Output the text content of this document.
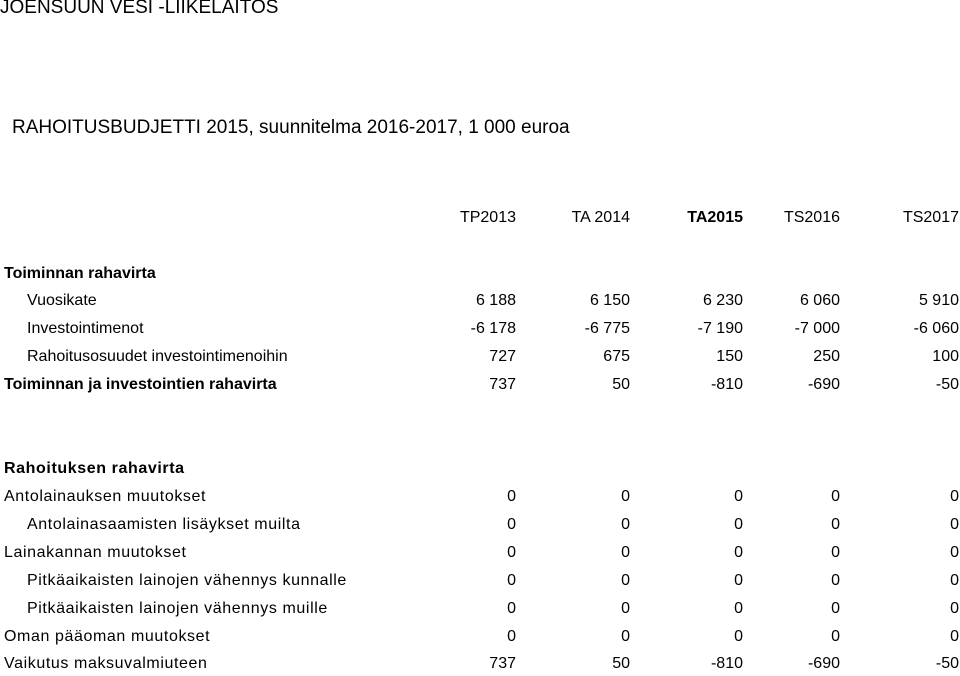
JOENSUUN VESI -LIIKELAITOS
RAHOITUSBUDJETTI 2015, suunnitelma 2016-2017, 1 000 euroa
TP2013	TA 2014	TA2015	TS2016	TS2017
Toiminnan rahavirta
Vuosikate	6 188	6 150	6 230	6 060	5 910
Investointimenot	-6 178	-6 775	-7 190	-7 000	-6 060
Rahoitusosuudet investointimenoihin	727	675	150	250	100
Toiminnan ja investointien rahavirta	737	50	-810	-690	-50
Rahoituksen rahavirta
Antolainauksen muutokset	0	0	0	0	0
Antolainasaamisten lisäykset muilta	0	0	0	0	0
Lainakannan muutokset	0	0	0	0	0
Pitkäaikaisten lainojen vähennys kunnalle	0	0	0	0	0
Pitkäaikaisten lainojen vähennys muille	0	0	0	0	0
Oman pääoman muutokset	0	0	0	0	0
Vaikutus maksuvalmiuteen	737	50	-810	-690	-50
